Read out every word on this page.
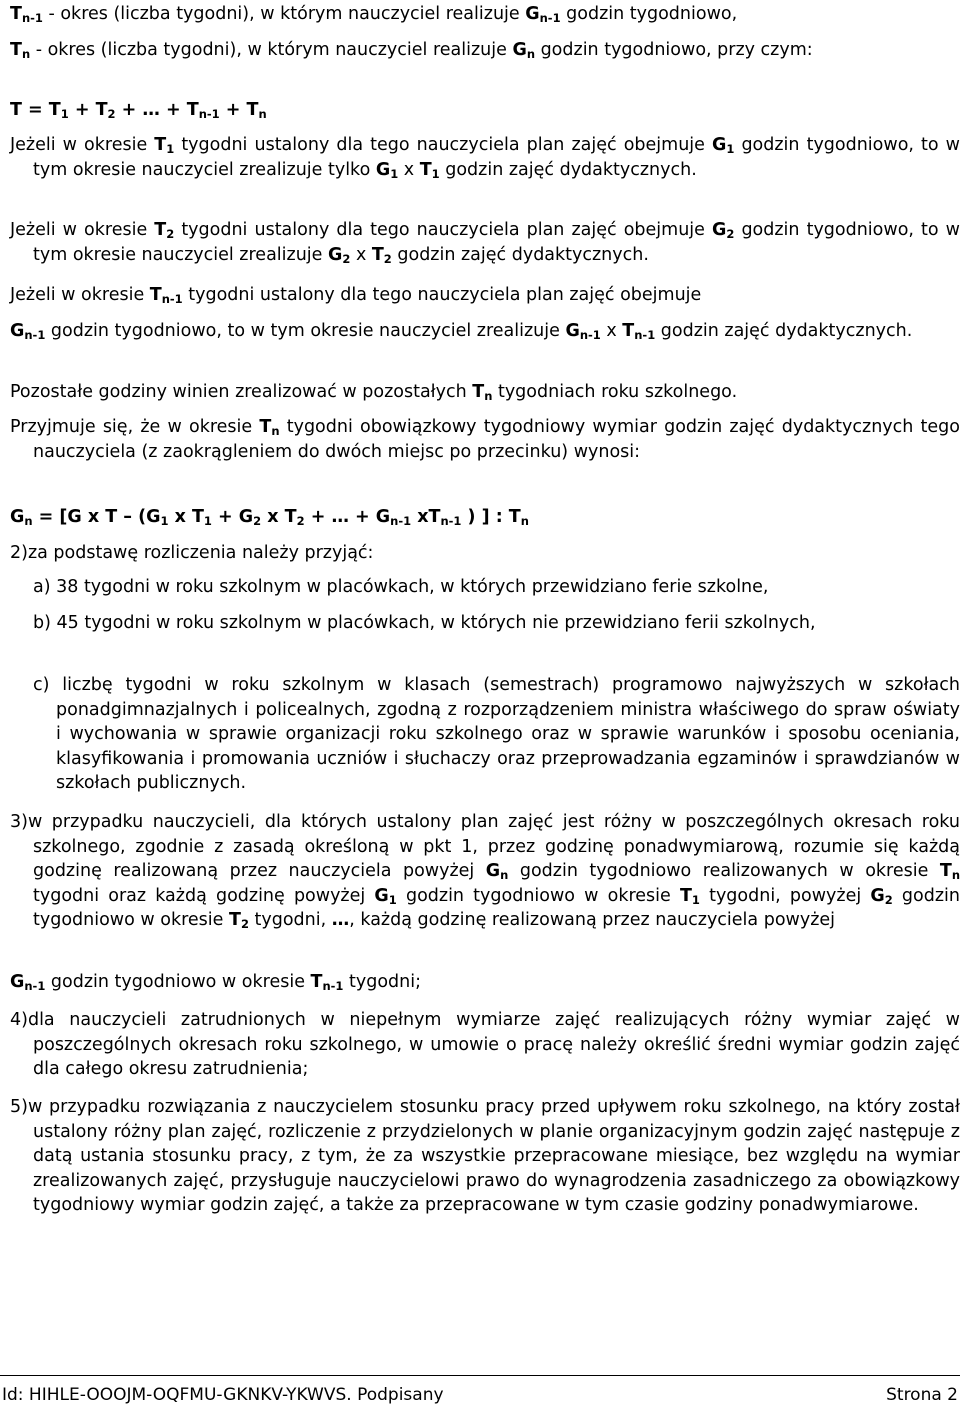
$T_{n-1}$ - okres (liczba tygodni), w którym nauczyciel realizuje $G_{n-1}$ godzin tygodniowo,

$T_n$ - okres (liczba tygodni), w którym nauczyciel realizuje $G_n$ godzin tygodniowo, przy czym:

$T = T_1 + T_2$ + … + $T_{n-1} + T_n$

Jeżeli w okresie $T_1$ tygodni ustalony dla tego nauczyciela plan zajęć obejmuje $G_1$ godzin tygodniowo, to w tym okresie nauczyciel zrealizuje tylko $G_1$ x $T_1$ godzin zajęć dydaktycznych.

Jeżeli w okresie $T_2$ tygodni ustalony dla tego nauczyciela plan zajęć obejmuje $G_2$ godzin tygodniowo, to w tym okresie nauczyciel zrealizuje $G_2$ x $T_2$ godzin zajęć dydaktycznych.

Jeżeli w okresie $T_{n-1}$ tygodni ustalony dla tego nauczyciela plan zajęć obejmuje

$G_{n-1}$ godzin tygodniowo, to w tym okresie nauczyciel zrealizuje $G_{n-1}$ x $T_{n-1}$ godzin zajęć dydaktycznych.

Pozostałe godziny winien zrealizować w pozostałych $T_n$ tygodniach roku szkolnego.

Przyjmuje się, że w okresie $T_n$ tygodni obowiązkowy tygodniowy wymiar godzin zajęć dydaktycznych tego nauczyciela (z zaokrągleniem do dwóch miejsc po przecinku) wynosi:

$G_n = [G$ x T – ($G_1$ x $T_1 + G_2$ x $T_2$ + … + $G_{n-1}$ $xT_{n-1}$ ) ] : $T_n$

2)za podstawę rozliczenia należy przyjąć:

a) 38 tygodni w roku szkolnym w placówkach, w których przewidziano ferie szkolne,

b) 45 tygodni w roku szkolnym w placówkach, w których nie przewidziano ferii szkolnych,

c) liczbę tygodni w roku szkolnym w klasach (semestrach) programowo najwyższych w szkołach ponadgimnazjalnych i policealnych, zgodną z rozporządzeniem ministra właściwego do spraw oświaty i wychowania w sprawie organizacji roku szkolnego oraz w sprawie warunków i sposobu oceniania, klasyfikowania i promowania uczniów i słuchaczy oraz przeprowadzania egzaminów i sprawdzianów w szkołach publicznych.

3)w przypadku nauczycieli, dla których ustalony plan zajęć jest różny w poszczególnych okresach roku szkolnego, zgodnie z zasadą określoną w pkt 1, przez godzinę ponadwymiarową, rozumie się każdą godzinę realizowaną przez nauczyciela powyżej $G_n$ godzin tygodniowo realizowanych w okresie $T_n$ tygodni oraz każdą godzinę powyżej $G_1$ godzin tygodniowo w okresie $T_1$ tygodni, powyżej $G_2$ godzin tygodniowo w okresie $T_2$ tygodni, …, każdą godzinę realizowaną przez nauczyciela powyżej

$G_{n-1}$ godzin tygodniowo w okresie $T_{n-1}$ tygodni;

4)dla nauczycieli zatrudnionych w niepełnym wymiarze zajęć realizujących różny wymiar zajęć w poszczególnych okresach roku szkolnego, w umowie o pracę należy określić średni wymiar godzin zajęć dla całego okresu zatrudnienia;

5)w przypadku rozwiązania z nauczycielem stosunku pracy przed upływem roku szkolnego, na który został ustalony różny plan zajęć, rozliczenie z przydzielonych w planie organizacyjnym godzin zajęć następuje z datą ustania stosunku pracy, z tym, że za wszystkie przepracowane miesiące, bez względu na wymiar zrealizowanych zajęć, przysługuje nauczycielowi prawo do wynagrodzenia zasadniczego za obowiązkowy tygodniowy wymiar godzin zajęć, a także za przepracowane w tym czasie godziny ponadwymiarowe.

Id: HIHLE-OOOJM-OQFMU-GKNKV-YKWVS. Podpisany	Strona 2
